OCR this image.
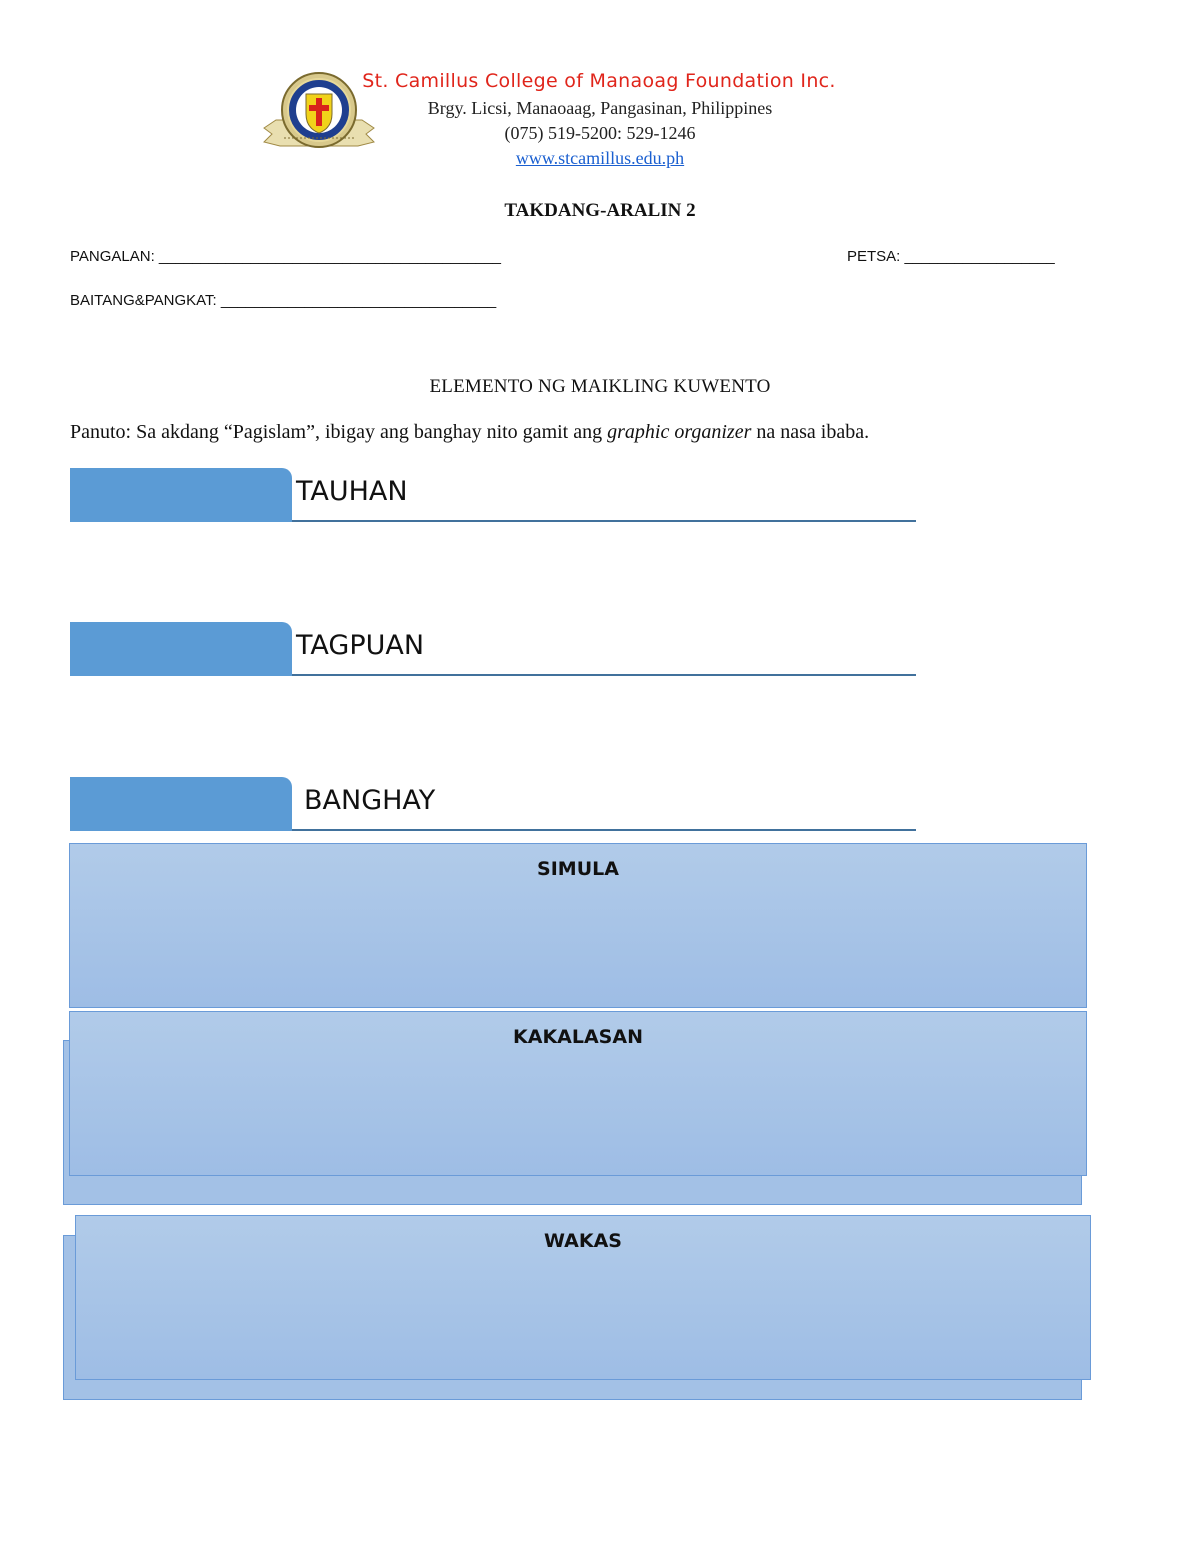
St. Camillus College of Manaoag Foundation Inc.
Brgy. Licsi, Manaoaag, Pangasinan, Philippines
(075) 519-5200: 529-1246
www.stcamillus.edu.ph
TAKDANG-ARALIN 2
PANGALAN: _________________________________________	PETSA: __________________
BAITANG&PANGKAT: _________________________________
ELEMENTO NG MAIKLING KUWENTO
Panuto: Sa akdang “Pagislam”, ibigay ang banghay nito gamit ang graphic organizer na nasa ibaba.
TAUHAN
TAGPUAN
BANGHAY
SIMULA
KAKALASAN
WAKAS
